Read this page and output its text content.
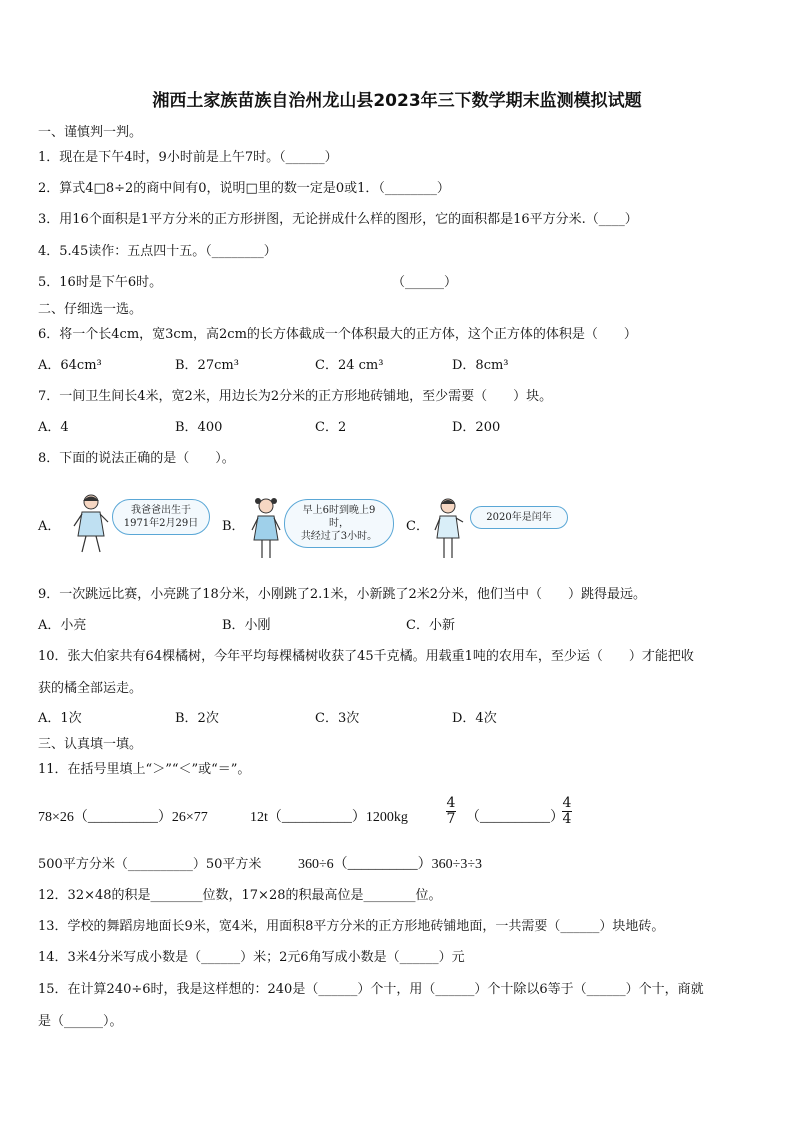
湘西土家族苗族自治州龙山县2023年三下数学期末监测模拟试题
一、谨慎判一判。
1．现在是下午4时，9小时前是上午7时。（______）
2．算式4□8÷2的商中间有0，说明□里的数一定是0或1．（________）
3．用16个面积是1平方分米的正方形拼图，无论拼成什么样的图形，它的面积都是16平方分米.（____）
4．5.45读作：五点四十五。（________）
5．16时是下午6时。	（______）
二、仔细选一选。
6．将一个长4cm，宽3cm，高2cm的长方体截成一个体积最大的正方体，这个正方体的体积是（　　）
A．64cm³	B．27cm³	C．24 cm³	D．8cm³
7．一间卫生间长4米，宽2米，用边长为2分米的正方形地砖铺地，至少需要（　　）块。
A．4	B．400	C．2	D．200
8．下面的说法正确的是（　　）。
A．
我爸爸出生于
1971年2月29日 B．
早上6时到晚上9时，
共经过了3小时。
C．
2020年是闰年
9．一次跳远比赛，小亮跳了18分米，小刚跳了2.1米，小新跳了2米2分米，他们当中（　　）跳得最远。
A．小亮	B．小刚	C．小新
10．张大伯家共有64棵橘树，今年平均每棵橘树收获了45千克橘。用载重1吨的农用车，至少运（　　）才能把收
获的橘全部运走。
A．1次	B．2次	C．3次	D．4次
三、认真填一填。
11．在括号里填上“＞”“＜”或“＝”。
78×26（__________）26×77	12t（__________）1200kg	$\frac{4}{7}$ （__________）
$\frac{4}{4}$
500平方分米（__________）50平方米	360÷6（__________）360÷3÷3
12．32×48的积是________位数，17×28的积最高位是________位。
13．学校的舞蹈房地面长9米，宽4米，用面积8平方分米的正方形地砖铺地面，一共需要（______）块地砖。
14．3米4分米写成小数是（______）米；2元6角写成小数是（______）元
15．在计算240÷6时，我是这样想的：240是（______）个十，用（______）个十除以6等于（______）个十，商就
是（______）。
